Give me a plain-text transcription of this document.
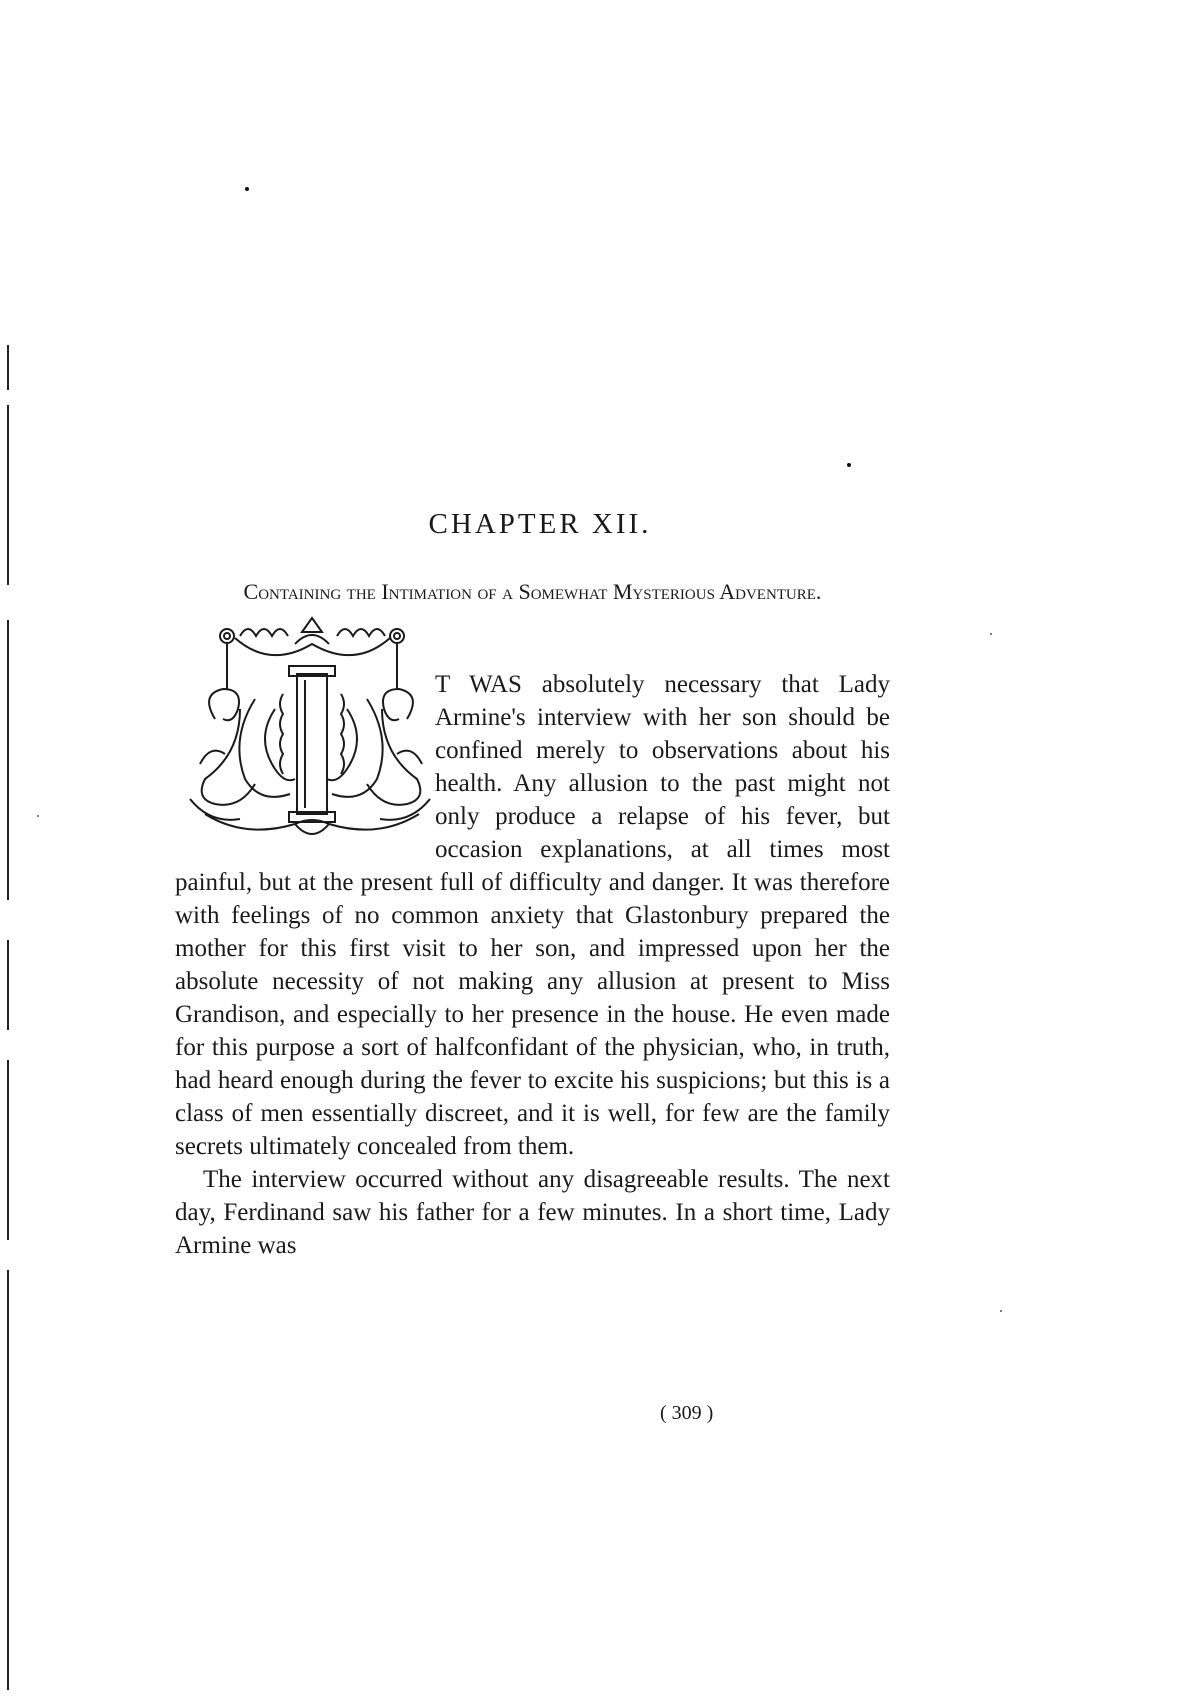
CHAPTER XII.
Containing the Intimation of a Somewhat Mysterious Adventure.

T WAS absolutely necessary that Lady Armine's interview with her son should be confined merely to observations about his health. Any allusion to the past might not only produce a relapse of his fever, but occasion explanations, at all times most painful, but at the present full of difficulty and danger. It was therefore with feelings of no common anxiety that Glastonbury prepared the mother for this first visit to her son, and impressed upon her the absolute necessity of not making any allusion at present to Miss Grandison, and especially to her presence in the house. He even made for this purpose a sort of halfconfidant of the physician, who, in truth, had heard enough during the fever to excite his suspicions; but this is a class of men essentially discreet, and it is well, for few are the family secrets ultimately concealed from them.

The interview occurred without any disagreeable results. The next day, Ferdinand saw his father for a few minutes. In a short time, Lady Armine was

( 309 )
